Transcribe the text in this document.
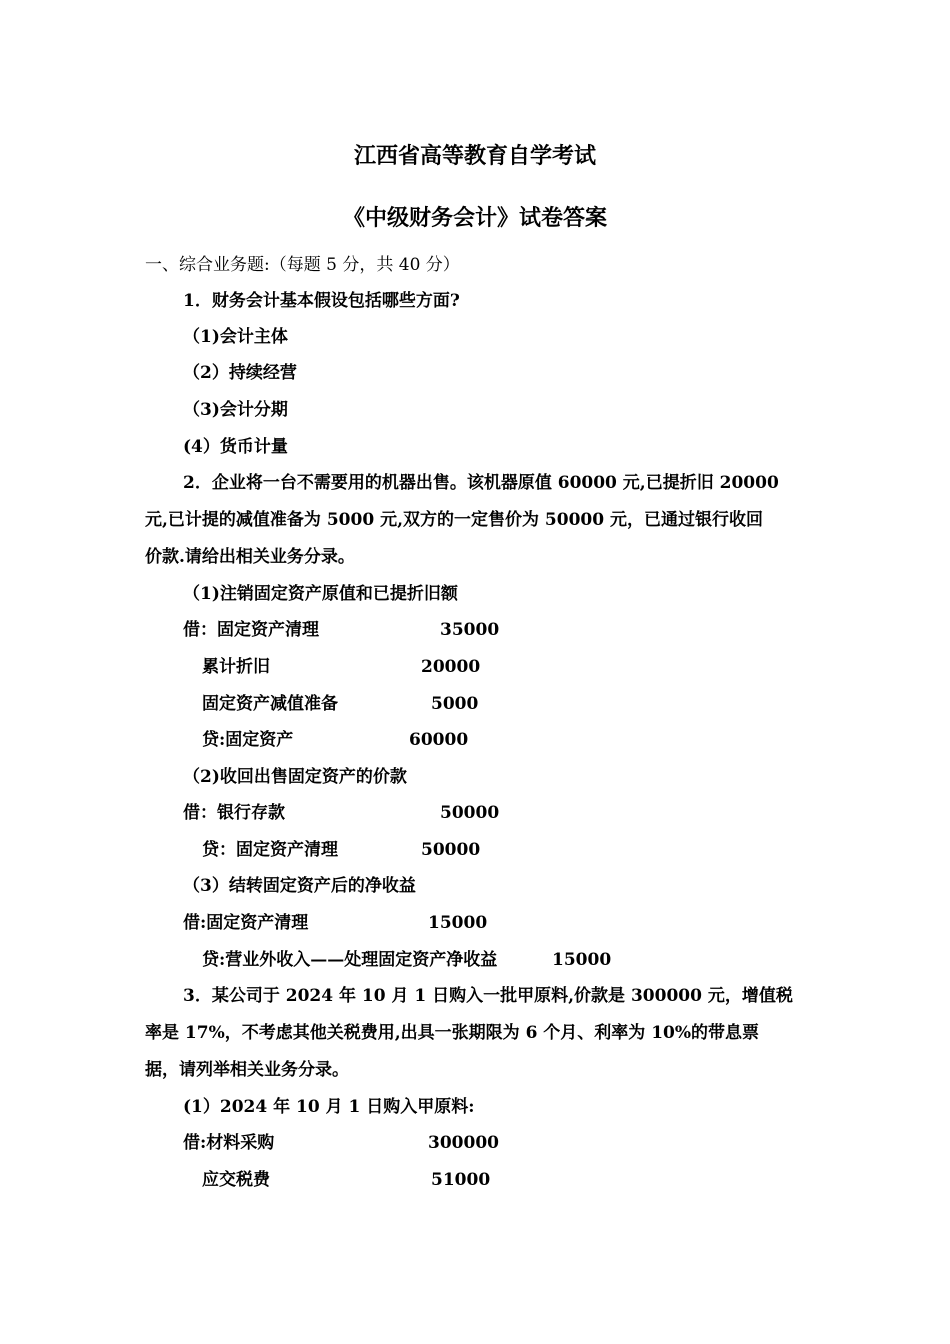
江西省高等教育自学考试
《中级财务会计》试卷答案
一、综合业务题:（每题 5 分，共 40 分）
1．财务会计基本假设包括哪些方面?
（1)会计主体
（2）持续经营
（3)会计分期
(4）货币计量
2．企业将一台不需要用的机器出售。该机器原值 60000 元,已提折旧 20000
元,已计提的减值准备为 5000 元,双方的一定售价为 50000 元，已通过银行收回
价款.请给出相关业务分录。
（1)注销固定资产原值和已提折旧额
借：固定资产清理	35000
累计折旧	20000
固定资产减值准备	5000
贷:固定资产	60000
（2)收回出售固定资产的价款
借：银行存款	50000
贷：固定资产清理	50000
（3）结转固定资产后的净收益
借:固定资产清理	15000
贷:营业外收入——处理固定资产净收益	15000
3．某公司于 2024 年 10 月 1 日购入一批甲原料,价款是 300000 元，增值税
率是 17%，不考虑其他关税费用,出具一张期限为 6 个月、利率为 10%的带息票
据，请列举相关业务分录。
(1）2024 年 10 月 1 日购入甲原料:
借:材料采购	300000
应交税费	51000
